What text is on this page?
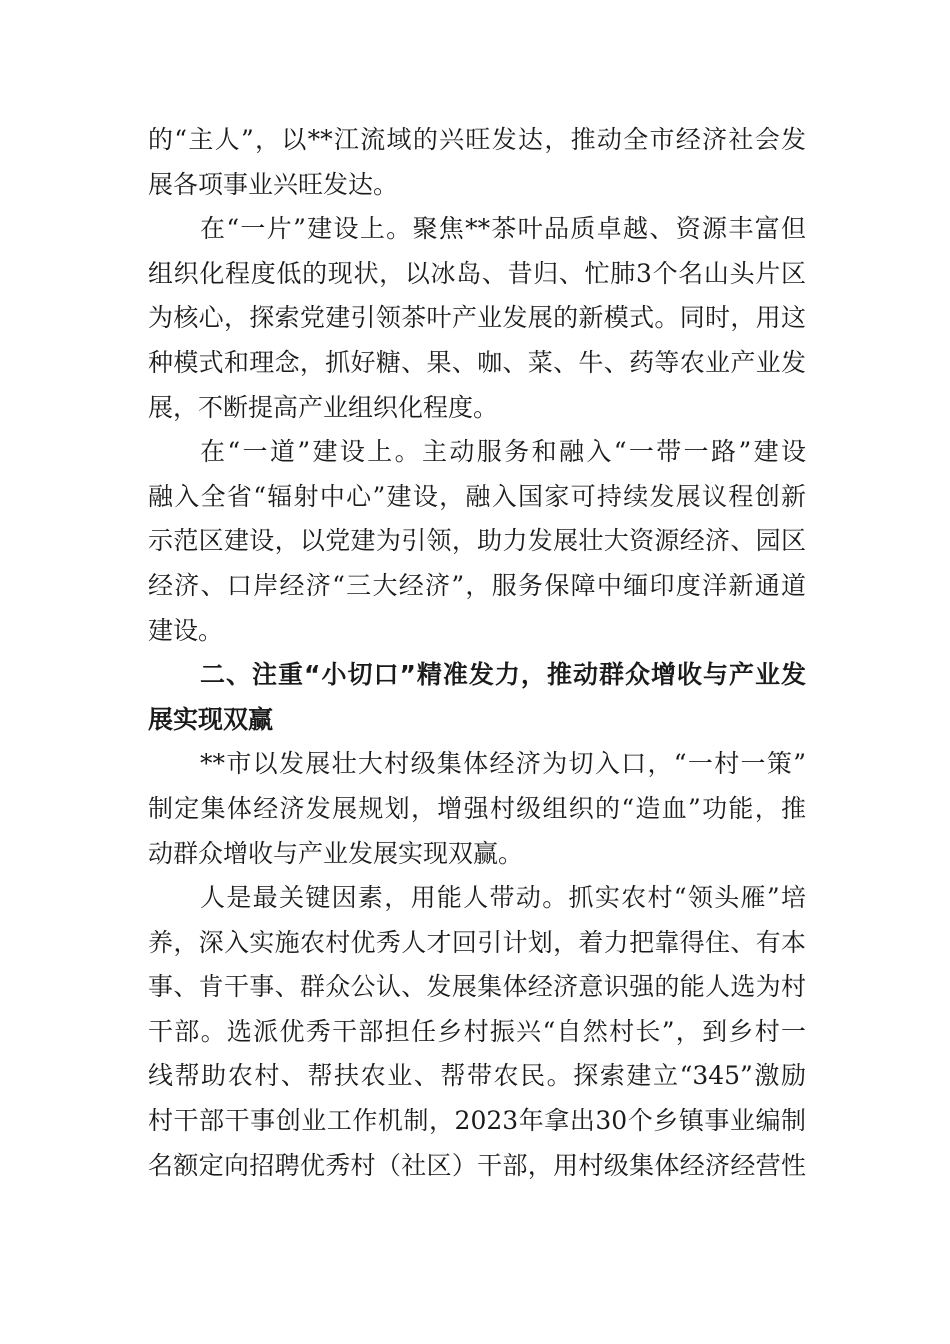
的“主人”，以**江流域的兴旺发达，推动全市经济社会发
展各项事业兴旺发达。
在“一片”建设上。聚焦**茶叶品质卓越、资源丰富但
组织化程度低的现状，以冰岛、昔归、忙肺3个名山头片区
为核心，探索党建引领茶叶产业发展的新模式。同时，用这
种模式和理念，抓好糖、果、咖、菜、牛、药等农业产业发
展，不断提高产业组织化程度。
在“一道”建设上。主动服务和融入“一带一路”建设
融入全省“辐射中心”建设，融入国家可持续发展议程创新
示范区建设，以党建为引领，助力发展壮大资源经济、园区
经济、口岸经济“三大经济”，服务保障中缅印度洋新通道
建设。
二、注重“小切口”精准发力，推动群众增收与产业发
展实现双赢
**市以发展壮大村级集体经济为切入口，“一村一策”
制定集体经济发展规划，增强村级组织的“造血”功能，推
动群众增收与产业发展实现双赢。
人是最关键因素，用能人带动。抓实农村“领头雁”培
养，深入实施农村优秀人才回引计划，着力把靠得住、有本
事、肯干事、群众公认、发展集体经济意识强的能人选为村
干部。选派优秀干部担任乡村振兴“自然村长”，到乡村一
线帮助农村、帮扶农业、帮带农民。探索建立“345”激励
村干部干事创业工作机制，2023年拿出30个乡镇事业编制
名额定向招聘优秀村（社区）干部，用村级集体经济经营性
